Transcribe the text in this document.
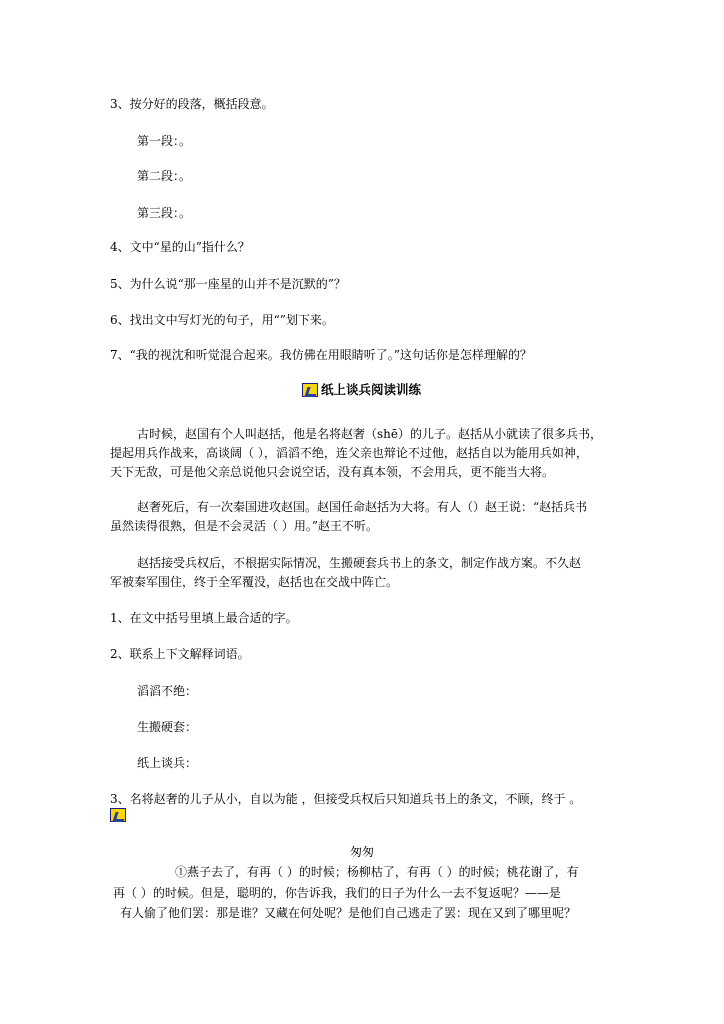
3、按分好的段落，概括段意。
第一段：。
第二段：。
第三段：。
4、文中“星的山”指什么？
5、为什么说“那一座星的山并不是沉默的”？
6、找出文中写灯光的句子，用“”划下来。
7、“我的视沈和听觉混合起来。我仿佛在用眼睛听了。”这句话你是怎样理解的？
纸上谈兵阅读训练
古时候，赵国有个人叫赵括，他是名将赵奢（shē）的儿子。赵括从小就读了很多兵书，
提起用兵作战来，高谈阔（ ），滔滔不绝，连父亲也辩论不过他，赵括自以为能用兵如神，
天下无敌，可是他父亲总说他只会说空话，没有真本领，不会用兵，更不能当大将。
赵奢死后，有一次秦国进攻赵国。赵国任命赵括为大将。有人（）赵王说：“赵括兵书
虽然读得很熟，但是不会灵活（ ）用。”赵王不听。
赵括接受兵权后，不根据实际情况，生搬硬套兵书上的条文，制定作战方案。不久赵
军被秦军围住，终于全军覆没，赵括也在交战中阵亡。
1、在文中括号里填上最合适的字。
2、联系上下文解释词语。
滔滔不绝：
生搬硬套：
纸上谈兵：
3、名将赵奢的儿子从小，自以为能 ，但接受兵权后只知道兵书上的条文，不顾，终于 。
匆匆
①燕子去了，有再（ ）的时候；杨柳枯了，有再（ ）的时候；桃花谢了，有
再（ ）的时候。但是，聪明的，你告诉我，我们的日子为什么一去不复返呢？——是
有人偷了他们罢：那是谁？又藏在何处呢？是他们自己逃走了罢：现在又到了哪里呢？
